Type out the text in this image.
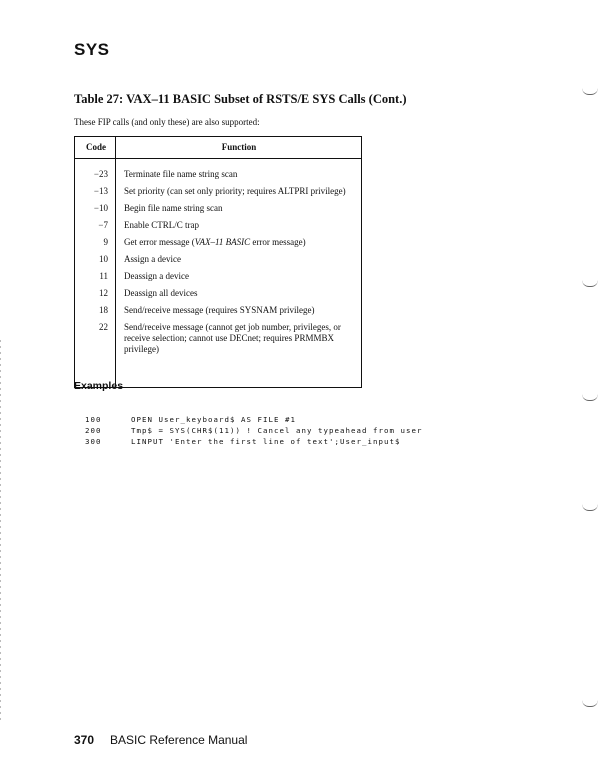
SYS
Table 27: VAX–11 BASIC Subset of RSTS/E SYS Calls (Cont.)
These FIP calls (and only these) are also supported:
Code	Function
−23 Terminate file name string scan
−13 Set priority (can set only priority; requires ALTPRI privilege)
−10 Begin file name string scan
−7 Enable CTRL/C trap
9 Get error message (VAX–11 BASIC error message)
10 Assign a device
11 Deassign a device
12 Deassign all devices
18 Send/receive message (requires SYSNAM privilege)
22 Send/receive message (cannot get job number, privileges, or receive selection; cannot use DECnet; requires PRMMBX privilege)
Examples

100	OPEN User_keyboard$ AS FILE #1

200	Tmp$ = SYS(CHR$(11)) ! Cancel any typeahead from user

300	LINPUT 'Enter the first line of text';User_input$

370 BASIC Reference Manual
